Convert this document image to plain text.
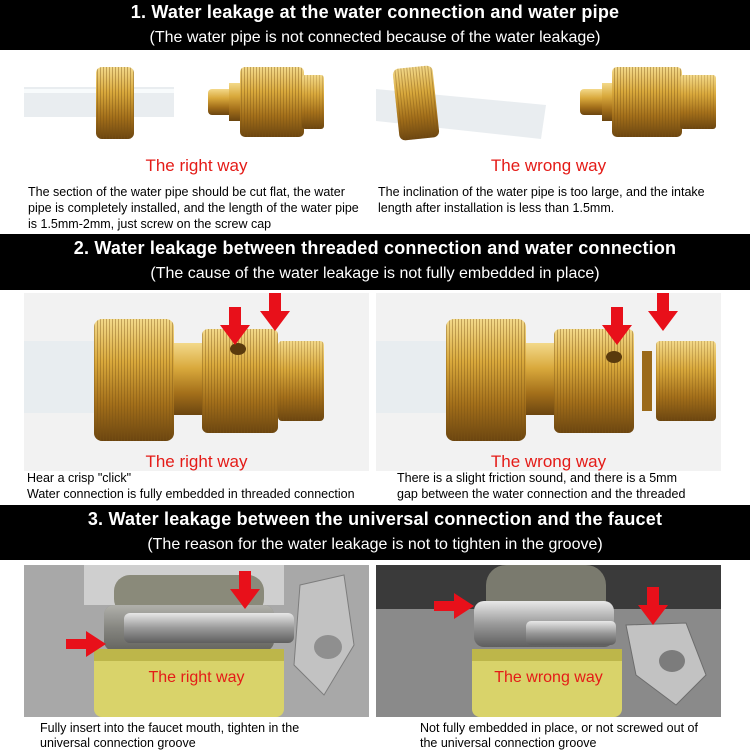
1. Water leakage at the water connection and water pipe
(The water pipe is not connected because of the water leakage)
The right way	The wrong way
The section of the water pipe should be cut flat, the water pipe is completely installed, and the length of the water pipe is 1.5mm-2mm, just screw on the screw cap
The inclination of the water pipe is too large, and the intake length after installation is less than 1.5mm.
2. Water leakage between threaded connection and water connection
(The cause of the water leakage is not fully embedded in place)
The right way	The wrong way
Hear a crisp "click"
Water connection is fully embedded in threaded connection
There is a slight friction sound, and there is a 5mm
gap between the water connection and the threaded
3. Water leakage between the universal connection and the faucet
(The reason for the water leakage is not to tighten in the groove)
The right way	The wrong way
Fully insert into the faucet mouth, tighten in the
universal connection groove
Not fully embedded in place, or not screwed out of
the universal connection groove
